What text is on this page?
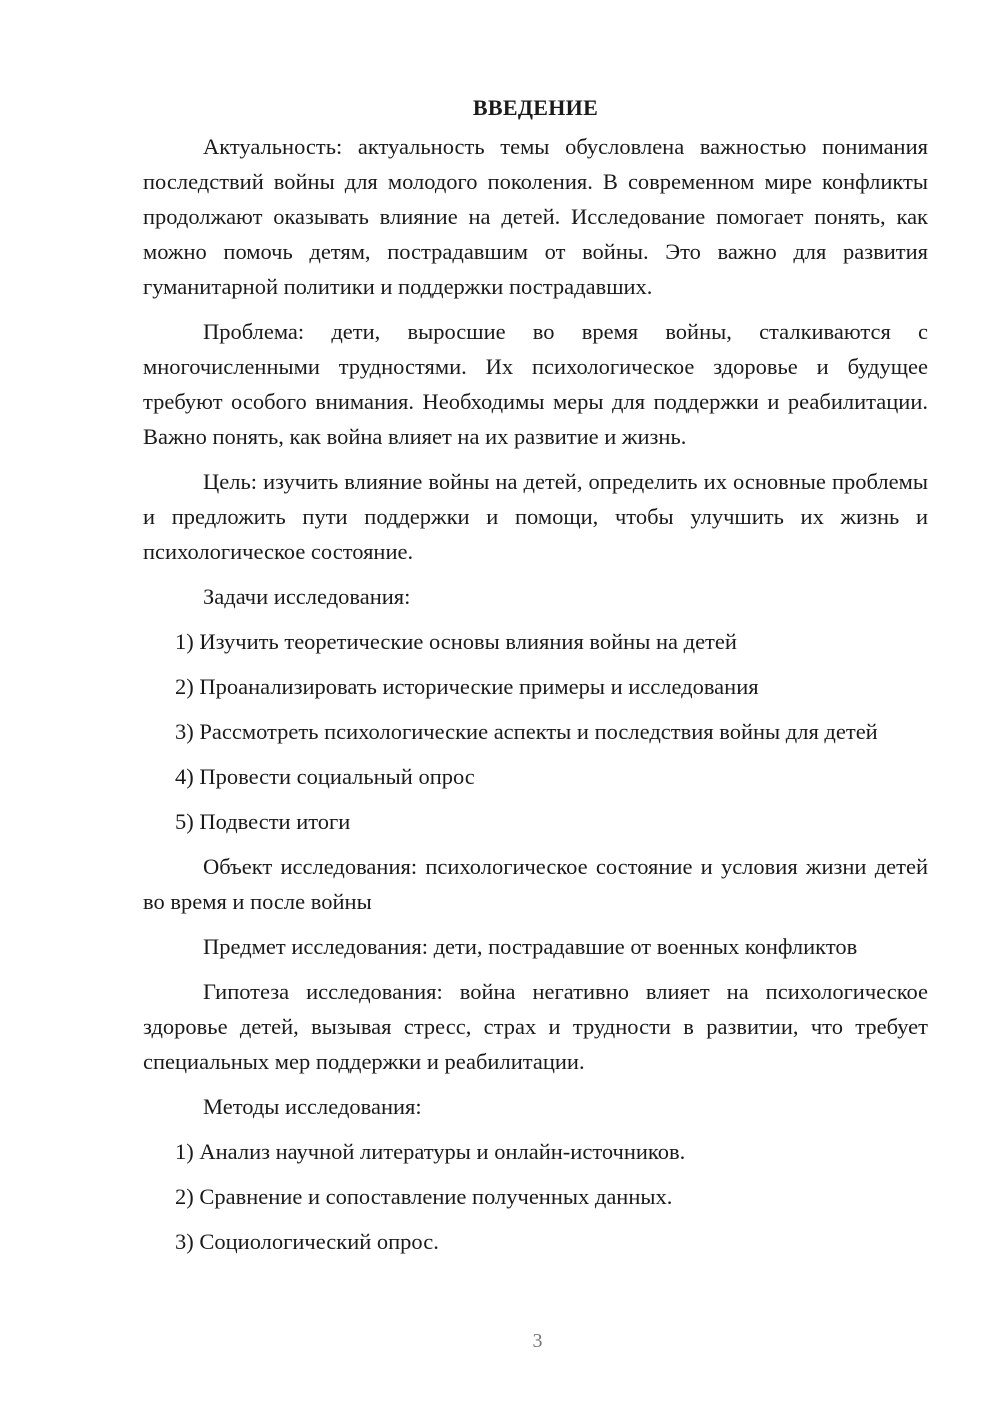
ВВЕДЕНИЕ

Актуальность: актуальность темы обусловлена важностью понимания последствий войны для молодого поколения. В современном мире конфликты продолжают оказывать влияние на детей. Исследование помогает понять, как можно помочь детям, пострадавшим от войны. Это важно для развития гуманитарной политики и поддержки пострадавших.

Проблема: дети, выросшие во время войны, сталкиваются с многочисленными трудностями. Их психологическое здоровье и будущее требуют особого внимания. Необходимы меры для поддержки и реабилитации. Важно понять, как война влияет на их развитие и жизнь.

Цель: изучить влияние войны на детей, определить их основные проблемы и предложить пути поддержки и помощи, чтобы улучшить их жизнь и психологическое состояние.

Задачи исследования:

1) Изучить теоретические основы влияния войны на детей

2) Проанализировать исторические примеры и исследования

3) Рассмотреть психологические аспекты и последствия войны для детей

4) Провести социальный опрос

5) Подвести итоги

Объект исследования: психологическое состояние и условия жизни детей во время и после войны

Предмет исследования: дети, пострадавшие от военных конфликтов

Гипотеза исследования: война негативно влияет на психологическое здоровье детей, вызывая стресс, страх и трудности в развитии, что требует специальных мер поддержки и реабилитации.

Методы исследования:

1) Анализ научной литературы и онлайн-источников.

2) Сравнение и сопоставление полученных данных.

3) Социологический опрос.

3
